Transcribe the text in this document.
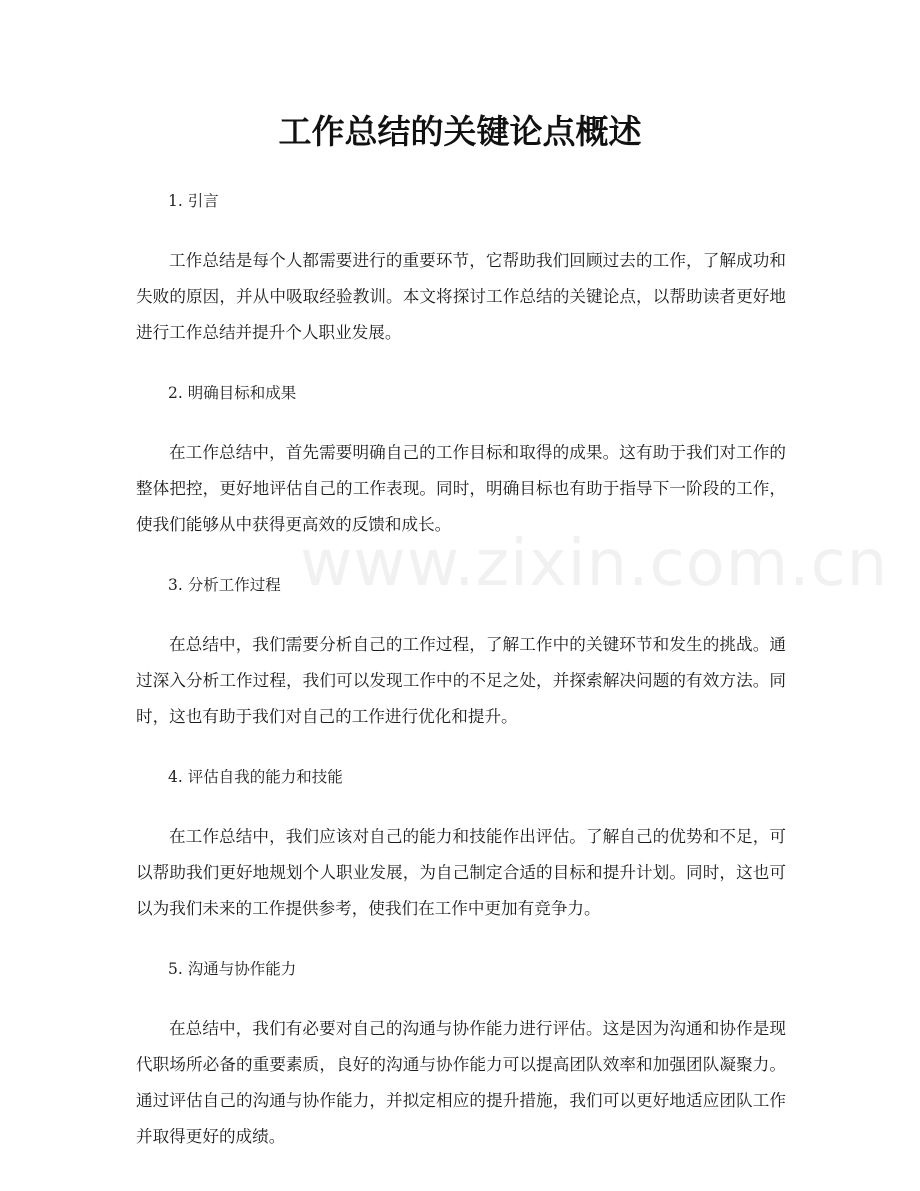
www.zixin.com.cn
工作总结的关键论点概述

1. 引言

工作总结是每个人都需要进行的重要环节，它帮助我们回顾过去的工作，了解成功和失败的原因，并从中吸取经验教训。本文将探讨工作总结的关键论点，以帮助读者更好地进行工作总结并提升个人职业发展。

2. 明确目标和成果

在工作总结中，首先需要明确自己的工作目标和取得的成果。这有助于我们对工作的整体把控，更好地评估自己的工作表现。同时，明确目标也有助于指导下一阶段的工作，使我们能够从中获得更高效的反馈和成长。

3. 分析工作过程

在总结中，我们需要分析自己的工作过程，了解工作中的关键环节和发生的挑战。通过深入分析工作过程，我们可以发现工作中的不足之处，并探索解决问题的有效方法。同时，这也有助于我们对自己的工作进行优化和提升。

4. 评估自我的能力和技能

在工作总结中，我们应该对自己的能力和技能作出评估。了解自己的优势和不足，可以帮助我们更好地规划个人职业发展，为自己制定合适的目标和提升计划。同时，这也可以为我们未来的工作提供参考，使我们在工作中更加有竞争力。

5. 沟通与协作能力

在总结中，我们有必要对自己的沟通与协作能力进行评估。这是因为沟通和协作是现代职场所必备的重要素质，良好的沟通与协作能力可以提高团队效率和加强团队凝聚力。通过评估自己的沟通与协作能力，并拟定相应的提升措施，我们可以更好地适应团队工作并取得更好的成绩。
